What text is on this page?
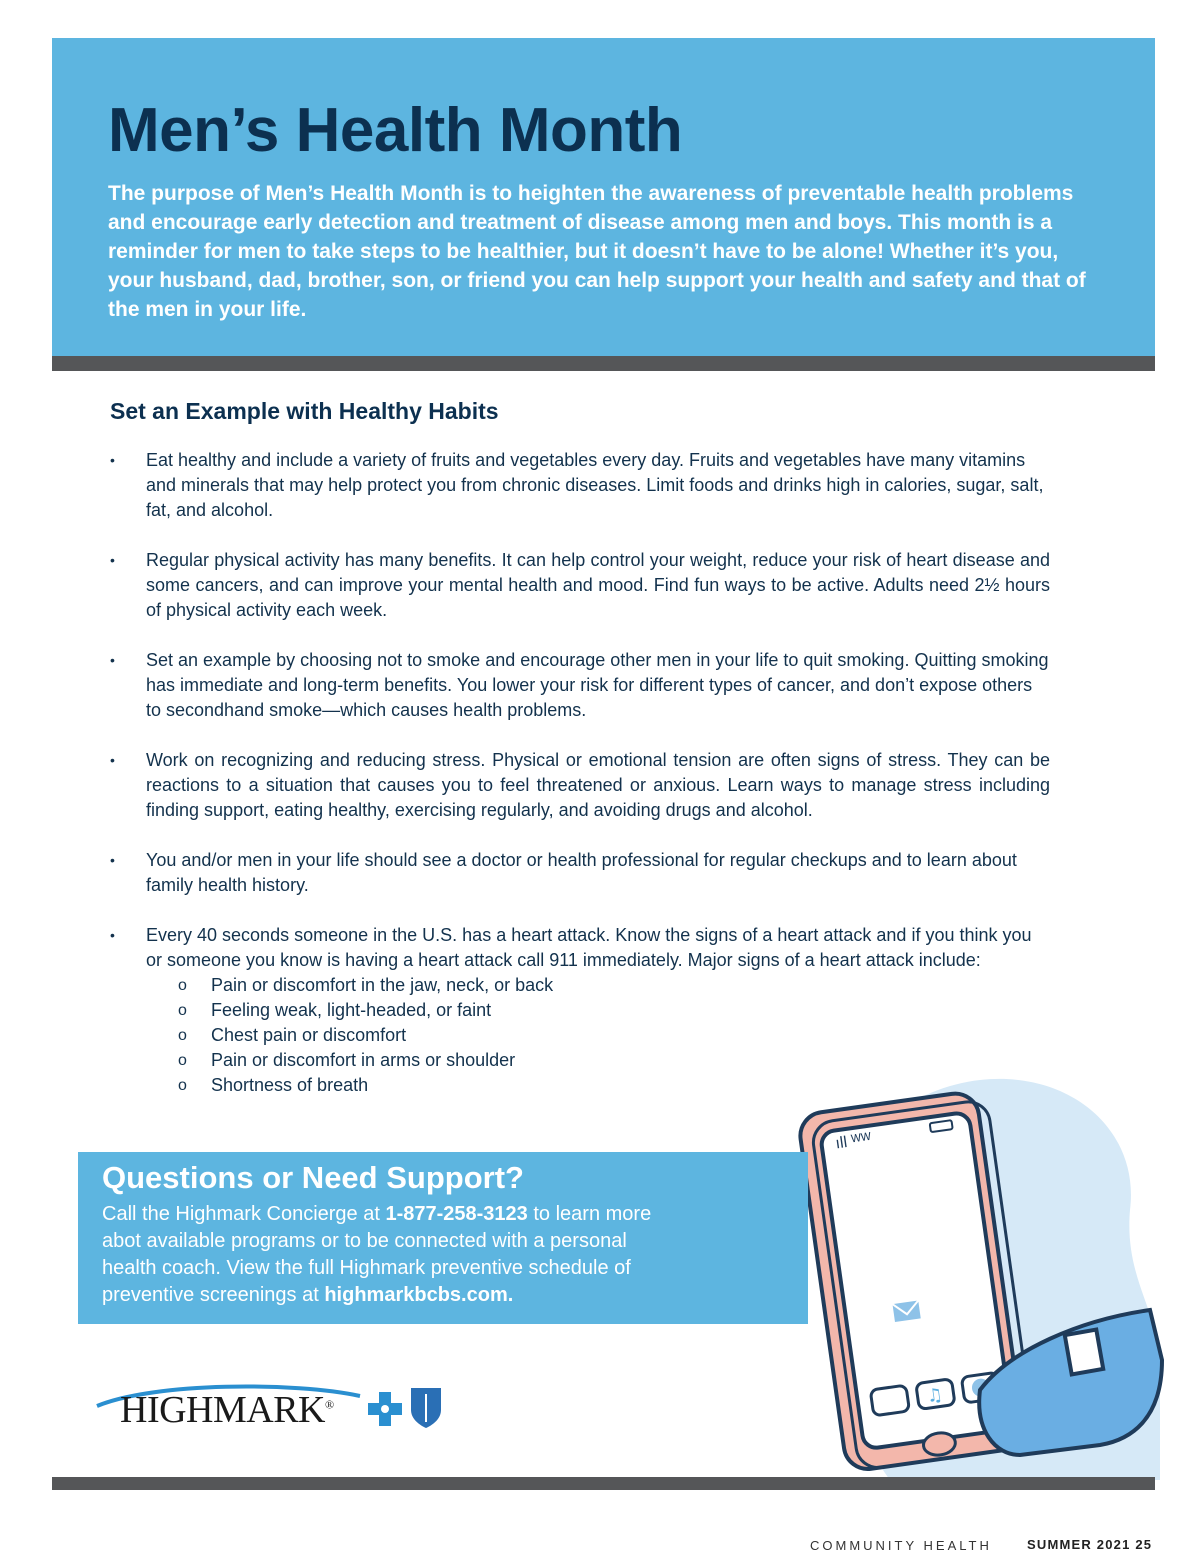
Men’s Health Month

The purpose of Men’s Health Month is to heighten the awareness of preventable health problems and encourage early detection and treatment of disease among men and boys. This month is a reminder for men to take steps to be healthier, but it doesn’t have to be alone! Whether it’s you, your husband, dad, brother, son, or friend you can help support your health and safety and that of the men in your life.

Set an Example with Healthy Habits
• Eat healthy and include a variety of fruits and vegetables every day. Fruits and vegetables have many vitamins and minerals that may help protect you from chronic diseases. Limit foods and drinks high in calories, sugar, salt, fat, and alcohol.
• Regular physical activity has many benefits. It can help control your weight, reduce your risk of heart disease and some cancers, and can improve your mental health and mood. Find fun ways to be active. Adults need 2½ hours of physical activity each week.
• Set an example by choosing not to smoke and encourage other men in your life to quit smoking. Quitting smoking has immediate and long-term benefits. You lower your risk for different types of cancer, and don’t expose others to secondhand smoke—which causes health problems.
• Work on recognizing and reducing stress. Physical or emotional tension are often signs of stress. They can be reactions to a situation that causes you to feel threatened or anxious. Learn ways to manage stress including finding support, eating healthy, exercising regularly, and avoiding drugs and alcohol.
• You and/or men in your life should see a doctor or health professional for regular checkups and to learn about family health history.
• Every 40 seconds someone in the U.S. has a heart attack. Know the signs of a heart attack and if you think you or someone you know is having a heart attack call 911 immediately. Major signs of a heart attack include:
o Pain or discomfort in the jaw, neck, or back
o Feeling weak, light-headed, or faint
o Chest pain or discomfort
o Pain or discomfort in arms or shoulder
o Shortness of breath
ıll ᵂᵂ
♫
Questions or Need Support?

Call the Highmark Concierge at 1-877-258-3123 to learn more abot available programs or to be connected with a personal health coach. View the full Highmark preventive schedule of preventive screenings at highmarkbcbs.com.

HIGHMARK®
COMMUNITY HEALTH	SUMMER 2021 25
